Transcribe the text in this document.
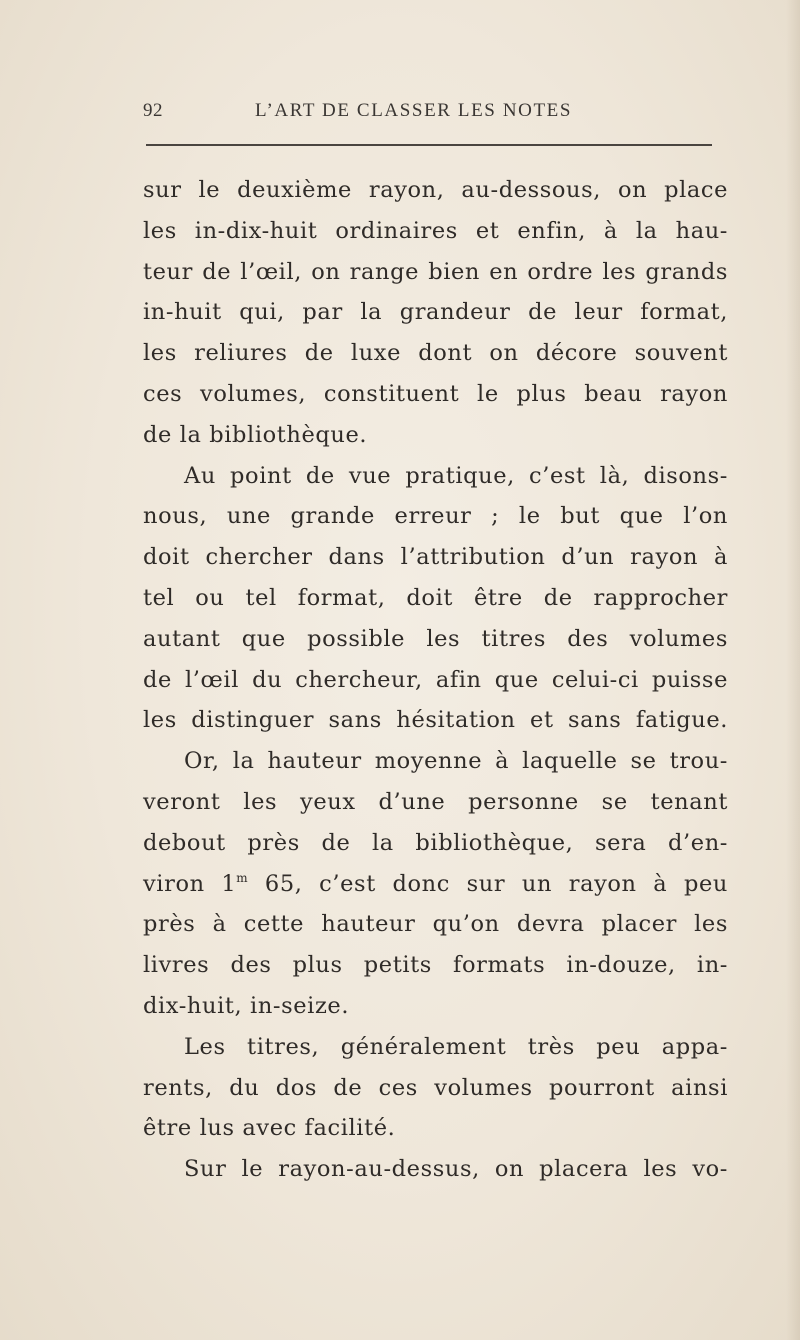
92	L’ART DE CLASSER LES NOTES
sur le deuxième rayon, au-dessous, on place
les in-dix-huit ordinaires et enfin, à la hau-
teur de l’œil, on range bien en ordre les grands
in-huit qui, par la grandeur de leur format,
les reliures de luxe dont on décore souvent
ces volumes, constituent le plus beau rayon
de la bibliothèque.
Au point de vue pratique, c’est là, disons-
nous, une grande erreur ; le but que l’on
doit chercher dans l’attribution d’un rayon à
tel ou tel format, doit être de rapprocher
autant que possible les titres des volumes
de l’œil du chercheur, afin que celui-ci puisse
les distinguer sans hésitation et sans fatigue.
Or, la hauteur moyenne à laquelle se trou-
veront les yeux d’une personne se tenant
debout près de la bibliothèque, sera d’en-
viron 1$^m$ 65, c’est donc sur un rayon à peu
près à cette hauteur qu’on devra placer les
livres des plus petits formats in-douze, in-
dix-huit, in-seize.
Les titres, généralement très peu appa-
rents, du dos de ces volumes pourront ainsi
être lus avec facilité.
Sur le rayon-au-dessus, on placera les vo-
